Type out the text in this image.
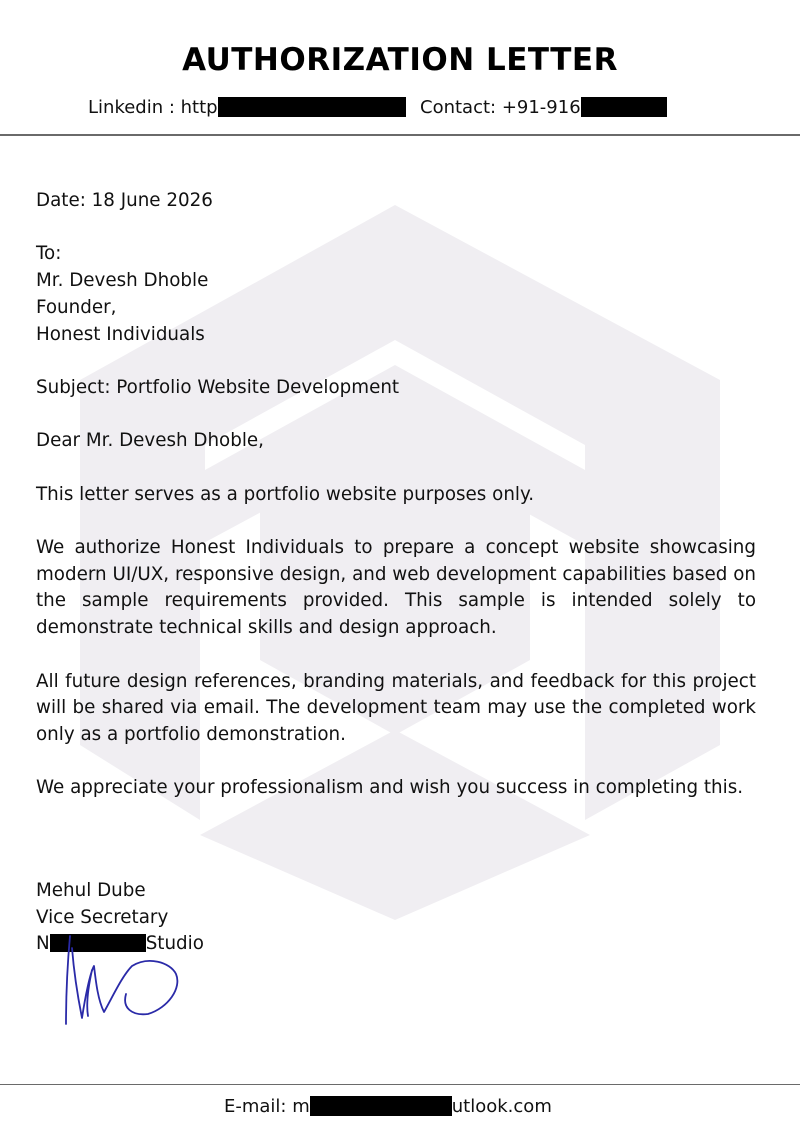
AUTHORIZATION LETTER
Linkedin : http	Contact: +91-916

Date: 18 June 2026

To:

Mr. Devesh Dhoble

Founder,

Honest Individuals

Subject: Portfolio Website Development

Dear Mr. Devesh Dhoble,

This letter serves as a portfolio website purposes only.

We authorize Honest Individuals to prepare a concept website showcasing modern UI/UX, responsive design, and web development capabilities based on the sample requirements provided. This sample is intended solely to demonstrate technical skills and design approach.

All future design references, branding materials, and feedback for this project will be shared via email. The development team may use the completed work only as a portfolio demonstration.

We appreciate your professionalism and wish you success in completing this.

Mehul Dube
Vice Secretary
N	Studio
E-mail: m	utlook.com
